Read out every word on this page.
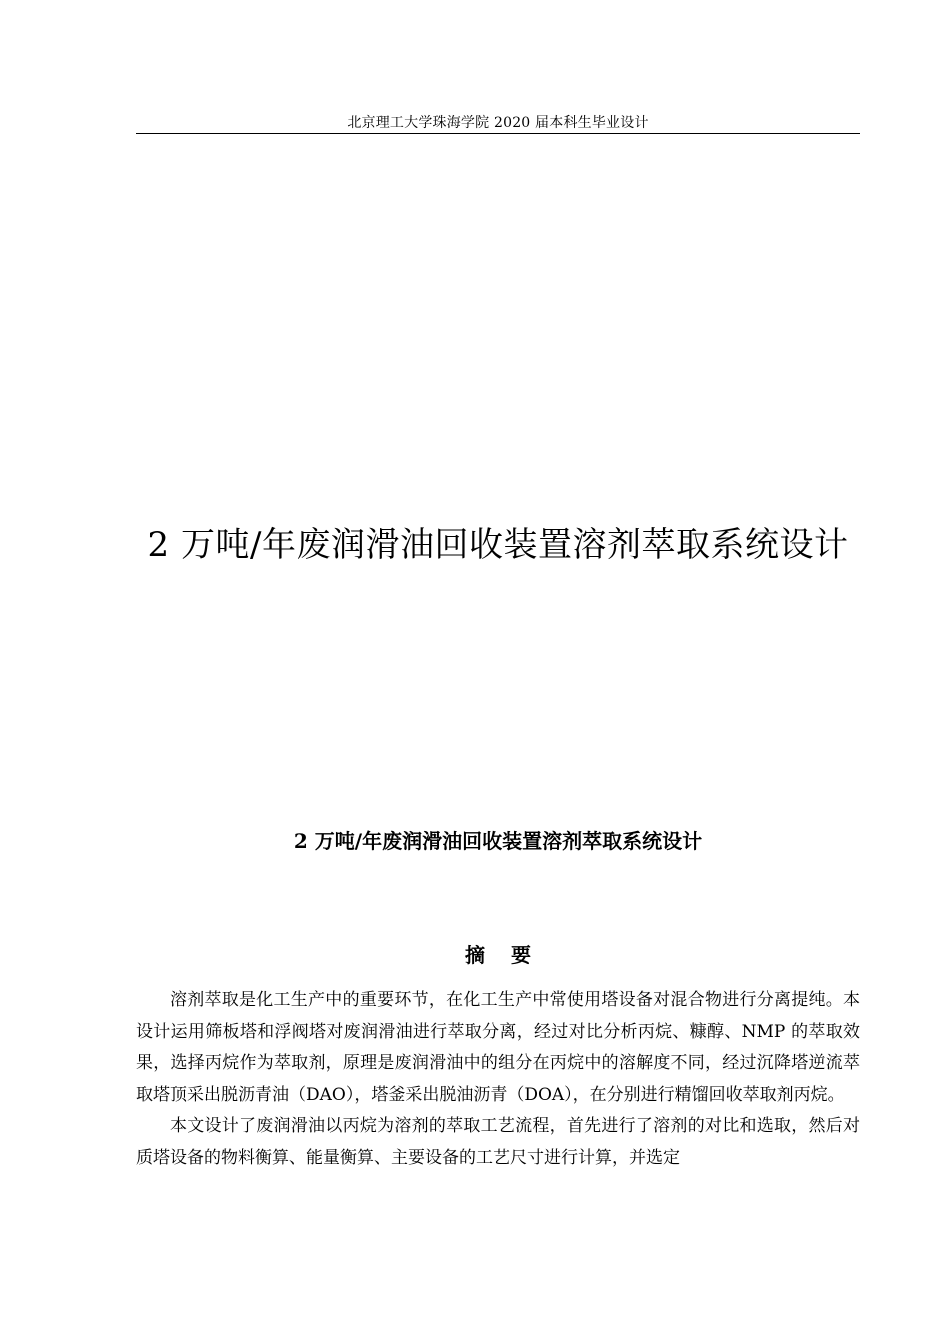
北京理工大学珠海学院 2020 届本科生毕业设计
2 万吨/年废润滑油回收装置溶剂萃取系统设计
2 万吨/年废润滑油回收装置溶剂萃取系统设计
摘要

溶剂萃取是化工生产中的重要环节，在化工生产中常使用塔设备对混合物进行分离提纯。本设计运用筛板塔和浮阀塔对废润滑油进行萃取分离，经过对比分析丙烷、糠醇、NMP 的萃取效果，选择丙烷作为萃取剂，原理是废润滑油中的组分在丙烷中的溶解度不同，经过沉降塔逆流萃取塔顶采出脱沥青油（DAO），塔釜采出脱油沥青（DOA），在分别进行精馏回收萃取剂丙烷。

本文设计了废润滑油以丙烷为溶剂的萃取工艺流程，首先进行了溶剂的对比和选取，然后对质塔设备的物料衡算、能量衡算、主要设备的工艺尺寸进行计算，并选定
